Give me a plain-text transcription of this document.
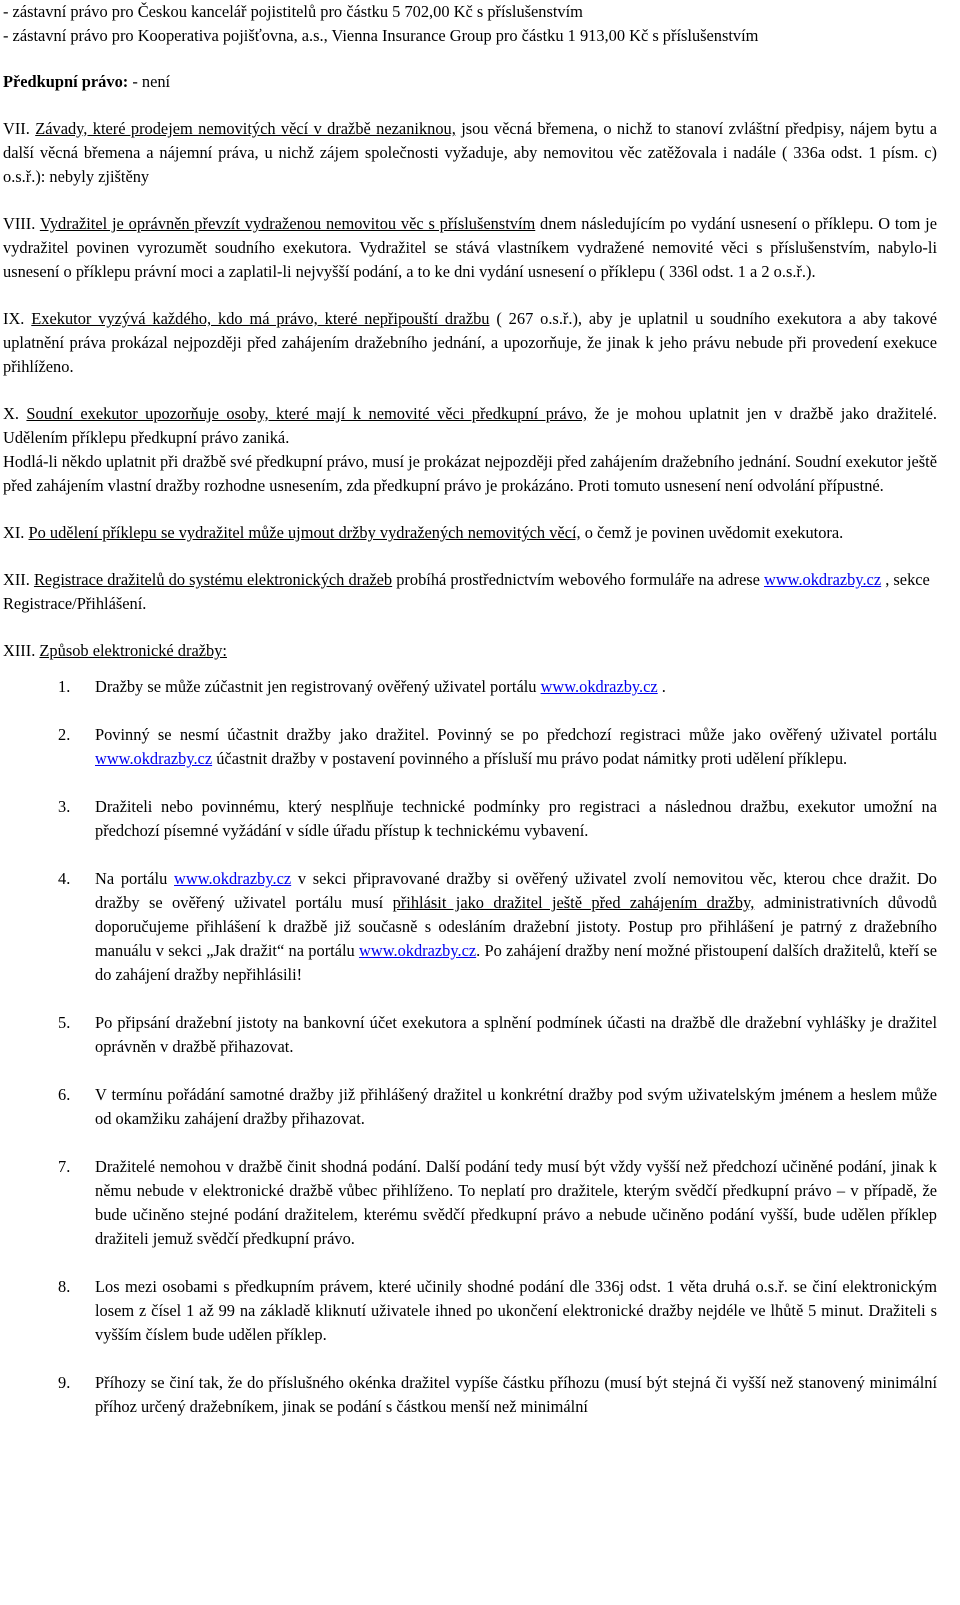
- zástavní právo pro Českou kancelář pojistitelů pro částku 5 702,00 Kč s příslušenstvím

- zástavní právo pro Kooperativa pojišťovna, a.s., Vienna Insurance Group pro částku 1 913,00 Kč s příslušenstvím

Předkupní právo: - není

VII. Závady, které prodejem nemovitých věcí v dražbě nezaniknou, jsou věcná břemena, o nichž to stanoví zvláštní předpisy, nájem bytu a další věcná břemena a nájemní práva, u nichž zájem společnosti vyžaduje, aby nemovitou věc zatěžovala i nadále ( 336a odst. 1 písm. c) o.s.ř.): nebyly zjištěny

VIII. Vydražitel je oprávněn převzít vydraženou nemovitou věc s příslušenstvím dnem následujícím po vydání usnesení o příklepu. O tom je vydražitel povinen vyrozumět soudního exekutora. Vydražitel se stává vlastníkem vydražené nemovité věci s příslušenstvím, nabylo-li usnesení o příklepu právní moci a zaplatil-li nejvyšší podání, a to ke dni vydání usnesení o příklepu ( 336l odst. 1 a 2 o.s.ř.).

IX. Exekutor vyzývá každého, kdo má právo, které nepřipouští dražbu ( 267 o.s.ř.), aby je uplatnil u soudního exekutora a aby takové uplatnění práva prokázal nejpozději před zahájením dražebního jednání, a upozorňuje, že jinak k jeho právu nebude při provedení exekuce přihlíženo.

X. Soudní exekutor upozorňuje osoby, které mají k nemovité věci předkupní právo, že je mohou uplatnit jen v dražbě jako dražitelé. Udělením příklepu předkupní právo zaniká.

Hodlá-li někdo uplatnit při dražbě své předkupní právo, musí je prokázat nejpozději před zahájením dražebního jednání. Soudní exekutor ještě před zahájením vlastní dražby rozhodne usnesením, zda předkupní právo je prokázáno. Proti tomuto usnesení není odvolání přípustné.

XI. Po udělení příklepu se vydražitel může ujmout držby vydražených nemovitých věcí, o čemž je povinen uvědomit exekutora.

XII. Registrace dražitelů do systému elektronických dražeb probíhá prostřednictvím webového formuláře na adrese www.okdrazby.cz , sekce Registrace/Přihlášení.

XIII. Způsob elektronické dražby:

1. Dražby se může zúčastnit jen registrovaný ověřený uživatel portálu www.okdrazby.cz .
2. Povinný se nesmí účastnit dražby jako dražitel. Povinný se po předchozí registraci může jako ověřený uživatel portálu www.okdrazby.cz účastnit dražby v postavení povinného a přísluší mu právo podat námitky proti udělení příklepu.
3. Dražiteli nebo povinnému, který nesplňuje technické podmínky pro registraci a následnou dražbu, exekutor umožní na předchozí písemné vyžádání v sídle úřadu přístup k technickému vybavení.
4. Na portálu www.okdrazby.cz v sekci připravované dražby si ověřený uživatel zvolí nemovitou věc, kterou chce dražit. Do dražby se ověřený uživatel portálu musí přihlásit jako dražitel ještě před zahájením dražby, administrativních důvodů doporučujeme přihlášení k dražbě již současně s odesláním dražební jistoty. Postup pro přihlášení je patrný z dražebního manuálu v sekci „Jak dražit“ na portálu www.okdrazby.cz. Po zahájení dražby není možné přistoupení dalších dražitelů, kteří se do zahájení dražby nepřihlásili!
5. Po připsání dražební jistoty na bankovní účet exekutora a splnění podmínek účasti na dražbě dle dražební vyhlášky je dražitel oprávněn v dražbě přihazovat.
6. V termínu pořádání samotné dražby již přihlášený dražitel u konkrétní dražby pod svým uživatelským jménem a heslem může od okamžiku zahájení dražby přihazovat.
7. Dražitelé nemohou v dražbě činit shodná podání. Další podání tedy musí být vždy vyšší než předchozí učiněné podání, jinak k němu nebude v elektronické dražbě vůbec přihlíženo. To neplatí pro dražitele, kterým svědčí předkupní právo – v případě, že bude učiněno stejné podání dražitelem, kterému svědčí předkupní právo a nebude učiněno podání vyšší, bude udělen příklep dražiteli jemuž svědčí předkupní právo.
8. Los mezi osobami s předkupním právem, které učinily shodné podání dle 336j odst. 1 věta druhá o.s.ř. se činí elektronickým losem z čísel 1 až 99 na základě kliknutí uživatele ihned po ukončení elektronické dražby nejdéle ve lhůtě 5 minut. Dražiteli s vyšším číslem bude udělen příklep.
9. Příhozy se činí tak, že do příslušného okénka dražitel vypíše částku příhozu (musí být stejná či vyšší než stanovený minimální příhoz určený dražebníkem, jinak se podání s částkou menší než minimální
